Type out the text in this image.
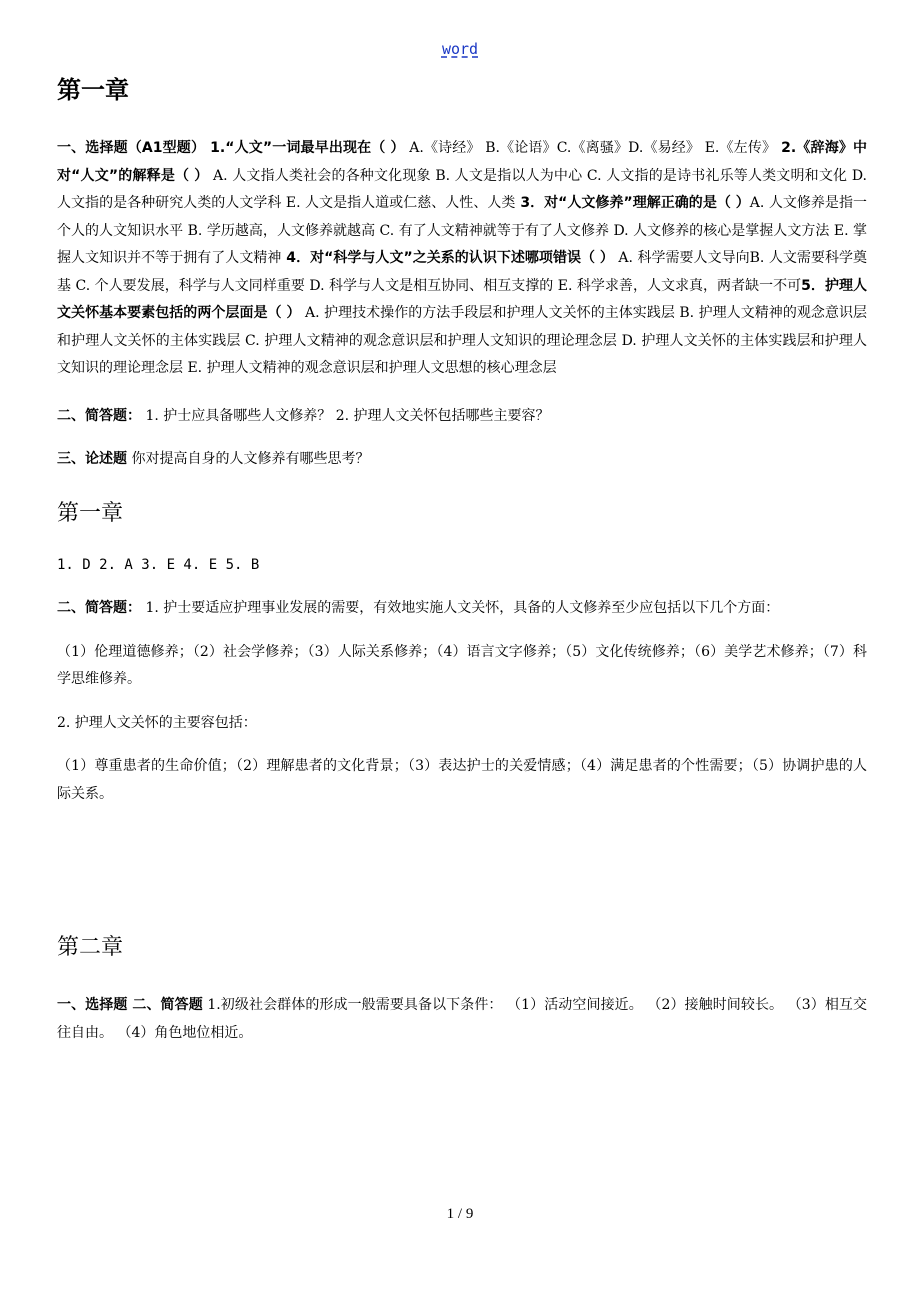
word
第一章

一、选择题（A1型题） 1.“人文”一词最早出现在（ ） A.《诗经》 B.《论语》C.《离骚》D.《易经》 E.《左传》 2.《辞海》中对“人文”的解释是（ ） A. 人文指人类社会的各种文化现象 B. 人文是指以人为中心 C. 人文指的是诗书礼乐等人类文明和文化 D. 人文指的是各种研究人类的人文学科 E. 人文是指人道或仁慈、人性、人类 3．对“人文修养”理解正确的是（ ）A. 人文修养是指一个人的人文知识水平 B. 学历越高，人文修养就越高 C. 有了人文精神就等于有了人文修养 D. 人文修养的核心是掌握人文方法 E. 掌握人文知识并不等于拥有了人文精神 4．对“科学与人文”之关系的认识下述哪项错误（ ） A. 科学需要人文导向B. 人文需要科学奠基 C. 个人要发展，科学与人文同样重要 D. 科学与人文是相互协同、相互支撑的 E. 科学求善，人文求真，两者缺一不可5．护理人文关怀基本要素包括的两个层面是（ ） A. 护理技术操作的方法手段层和护理人文关怀的主体实践层 B. 护理人文精神的观念意识层和护理人文关怀的主体实践层 C. 护理人文精神的观念意识层和护理人文知识的理论理念层 D. 护理人文关怀的主体实践层和护理人文知识的理论理念层 E. 护理人文精神的观念意识层和护理人文思想的核心理念层

二、简答题： 1. 护士应具备哪些人文修养？ 2. 护理人文关怀包括哪些主要容？

三、论述题 你对提高自身的人文修养有哪些思考？

第一章

1. D 2. A 3. E 4. E 5. B

二、简答题： 1. 护士要适应护理事业发展的需要，有效地实施人文关怀，具备的人文修养至少应包括以下几个方面：

（1）伦理道德修养；（2）社会学修养；（3）人际关系修养；（4）语言文字修养；（5）文化传统修养；（6）美学艺术修养；（7）科学思维修养。

2. 护理人文关怀的主要容包括：

（1）尊重患者的生命价值；（2）理解患者的文化背景；（3）表达护士的关爱情感；（4）满足患者的个性需要；（5）协调护患的人际关系。

第二章

一、选择题 二、简答题 1.初级社会群体的形成一般需要具备以下条件： （1）活动空间接近。 （2）接触时间较长。 （3）相互交往自由。 （4）角色地位相近。

1 / 9
